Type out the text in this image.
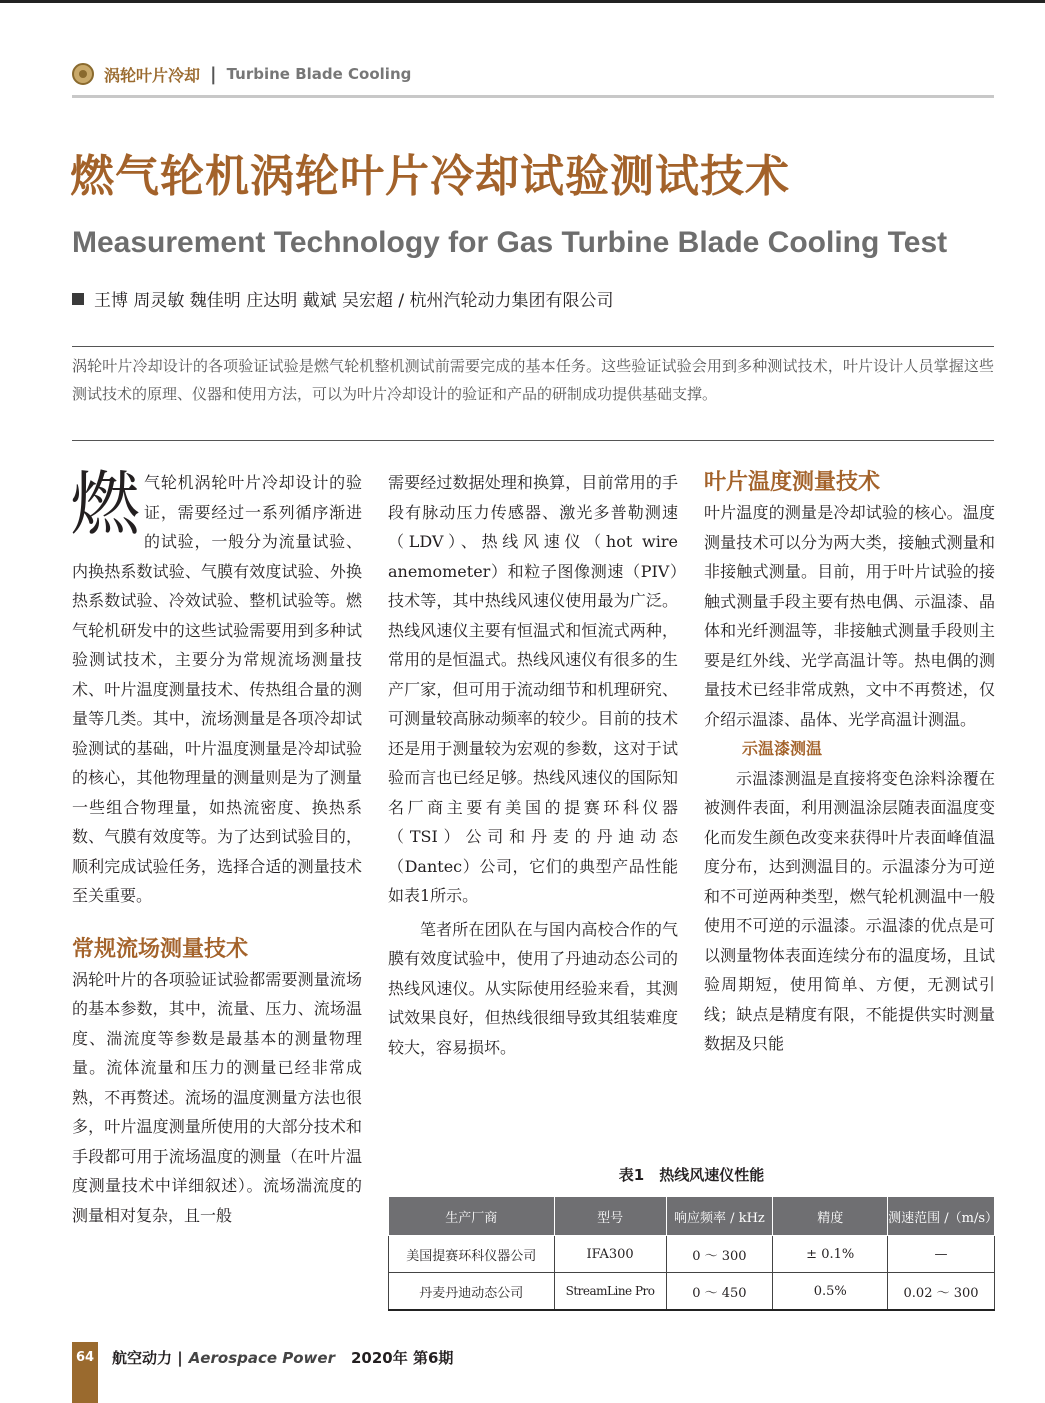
涡轮叶片冷却 | Turbine Blade Cooling
燃气轮机涡轮叶片冷却试验测试技术
Measurement Technology for Gas Turbine Blade Cooling Test
王博 周灵敏 魏佳明 庄达明 戴斌 吴宏超 / 杭州汽轮动力集团有限公司
涡轮叶片冷却设计的各项验证试验是燃气轮机整机测试前需要完成的基本任务。这些验证试验会用到多种测试技术，叶片设计人员掌握这些测试技术的原理、仪器和使用方法，可以为叶片冷却设计的验证和产品的研制成功提供基础支撑。

燃气轮机涡轮叶片冷却设计的验证，需要经过一系列循序渐进的试验，一般分为流量试验、内换热系数试验、气膜有效度试验、外换热系数试验、冷效试验、整机试验等。燃气轮机研发中的这些试验需要用到多种试验测试技术，主要分为常规流场测量技术、叶片温度测量技术、传热组合量的测量等几类。其中，流场测量是各项冷却试验测试的基础，叶片温度测量是冷却试验的核心，其他物理量的测量则是为了测量一些组合物理量，如热流密度、换热系数、气膜有效度等。为了达到试验目的，顺利完成试验任务，选择合适的测量技术至关重要。

常规流场测量技术

涡轮叶片的各项验证试验都需要测量流场的基本参数，其中，流量、压力、流场温度、湍流度等参数是最基本的测量物理量。流体流量和压力的测量已经非常成熟，不再赘述。流场的温度测量方法也很多，叶片温度测量所使用的大部分技术和手段都可用于流场温度的测量（在叶片温度测量技术中详细叙述）。流场湍流度的测量相对复杂，且一般

需要经过数据处理和换算，目前常用的手段有脉动压力传感器、激光多普勒测速（LDV）、热线风速仪（hot wire anemometer）和粒子图像测速（PIV）技术等，其中热线风速仪使用最为广泛。热线风速仪主要有恒温式和恒流式两种，常用的是恒温式。热线风速仪有很多的生产厂家，但可用于流动细节和机理研究、可测量较高脉动频率的较少。目前的技术还是用于测量较为宏观的参数，这对于试验而言也已经足够。热线风速仪的国际知名厂商主要有美国的提赛环科仪器（TSI）公司和丹麦的丹迪动态（Dantec）公司，它们的典型产品性能如表1所示。

笔者所在团队在与国内高校合作的气膜有效度试验中，使用了丹迪动态公司的热线风速仪。从实际使用经验来看，其测试效果良好，但热线很细导致其组装难度较大，容易损坏。

叶片温度测量技术

叶片温度的测量是冷却试验的核心。温度测量技术可以分为两大类，接触式测量和非接触式测量。目前，用于叶片试验的接触式测量手段主要有热电偶、示温漆、晶体和光纤测温等，非接触式测量手段则主要是红外线、光学高温计等。热电偶的测量技术已经非常成熟，文中不再赘述，仅介绍示温漆、晶体、光学高温计测温。

示温漆测温

示温漆测温是直接将变色涂料涂覆在被测件表面，利用测温涂层随表面温度变化而发生颜色改变来获得叶片表面峰值温度分布，达到测温目的。示温漆分为可逆和不可逆两种类型，燃气轮机测温中一般使用不可逆的示温漆。示温漆的优点是可以测量物体表面连续分布的温度场，且试验周期短，使用简单、方便，无测试引线；缺点是精度有限，不能提供实时测量数据及只能

表1　热线风速仪性能
生产厂商	型号	响应频率 / kHz	精度	测速范围 /（m/s）
美国提赛环科仪器公司	IFA300	0 ～ 300	± 0.1%	—
丹麦丹迪动态公司	StreamLine Pro	0 ～ 450	0.5%	0.02 ～ 300
64 航空动力 | Aerospace Power 2020年 第6期
